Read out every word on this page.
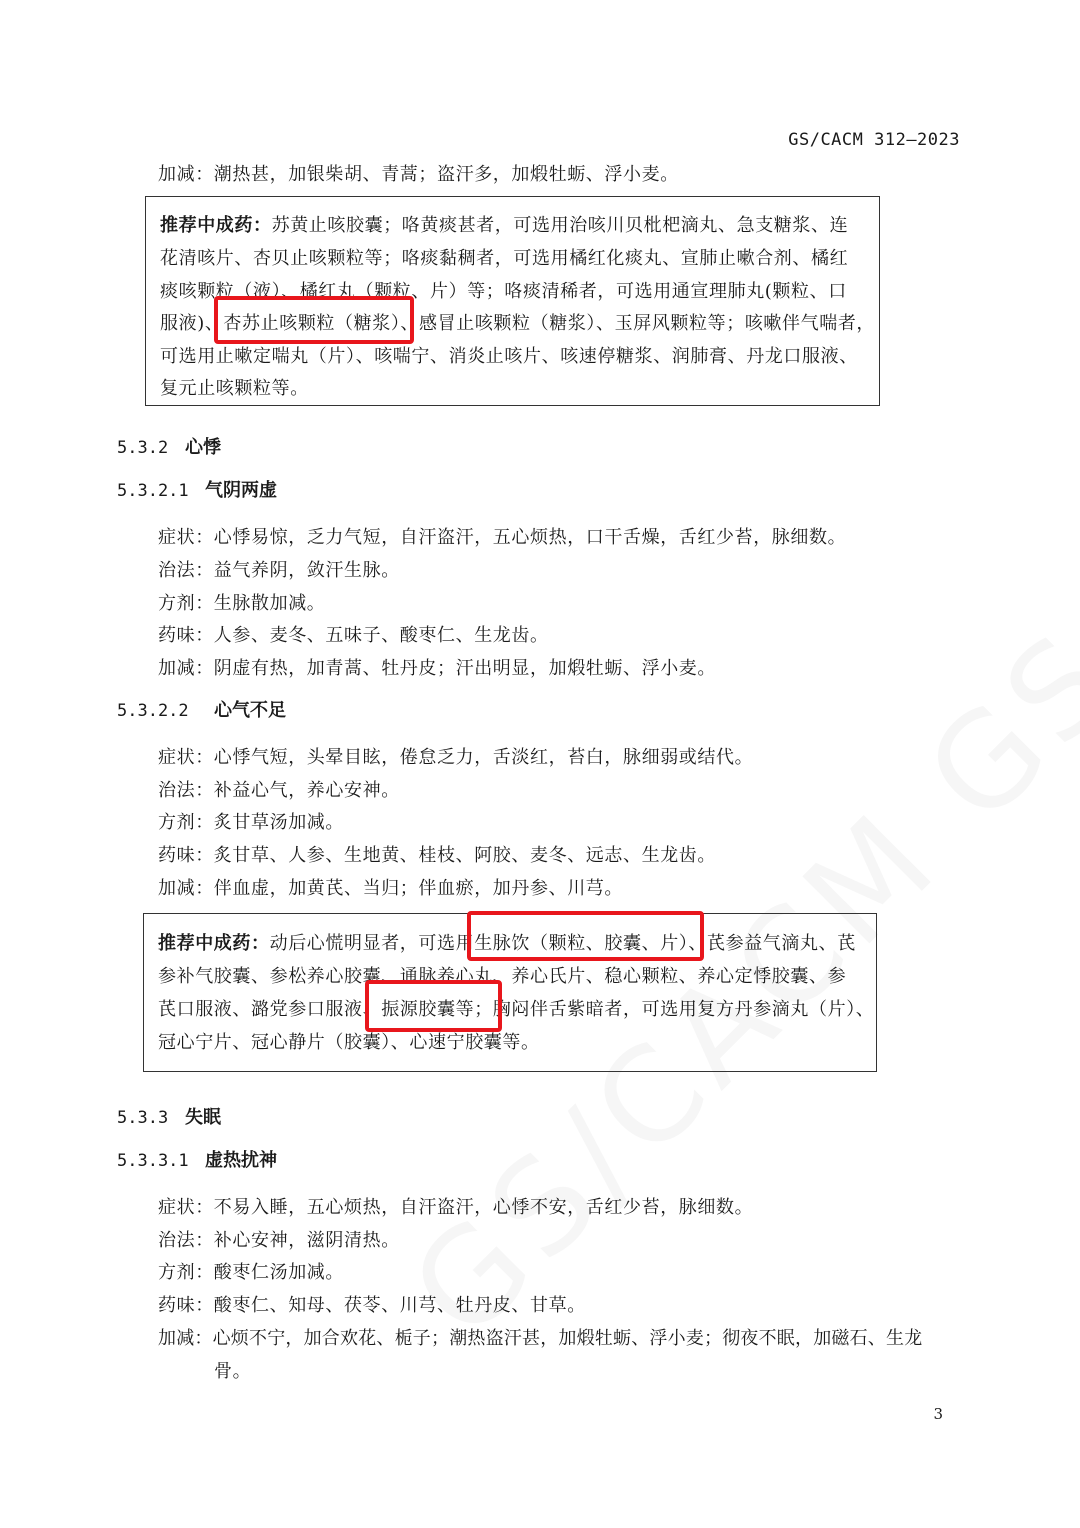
GS/CACM 312—2023
加减：潮热甚，加银柴胡、青蒿；盗汗多，加煅牡蛎、浮小麦。
推荐中成药：苏黄止咳胶囊；咯黄痰甚者，可选用治咳川贝枇杷滴丸、急支糖浆、连
花清咳片、杏贝止咳颗粒等；咯痰黏稠者，可选用橘红化痰丸、宣肺止嗽合剂、橘红
痰咳颗粒（液）、橘红丸（颗粒、片）等；咯痰清稀者，可选用通宣理肺丸(颗粒、口
服液)、杏苏止咳颗粒（糖浆）、感冒止咳颗粒（糖浆）、玉屏风颗粒等；咳嗽伴气喘者，
可选用止嗽定喘丸（片）、咳喘宁、消炎止咳片、咳速停糖浆、润肺膏、丹龙口服液、
复元止咳颗粒等。
5.3.2 心悸
5.3.2.1 气阴两虚
症状：心悸易惊，乏力气短，自汗盗汗，五心烦热，口干舌燥，舌红少苔，脉细数。
治法：益气养阴，敛汗生脉。
方剂：生脉散加减。
药味：人参、麦冬、五味子、酸枣仁、生龙齿。
加减：阴虚有热，加青蒿、牡丹皮；汗出明显，加煅牡蛎、浮小麦。
5.3.2.2 心气不足
症状：心悸气短，头晕目眩，倦怠乏力，舌淡红，苔白，脉细弱或结代。
治法：补益心气，养心安神。
方剂：炙甘草汤加减。
药味：炙甘草、人参、生地黄、桂枝、阿胶、麦冬、远志、生龙齿。
加减：伴血虚，加黄芪、当归；伴血瘀，加丹参、川芎。
推荐中成药：动后心慌明显者，可选用生脉饮（颗粒、胶囊、片）、芪参益气滴丸、芪
参补气胶囊、参松养心胶囊、通脉养心丸、养心氏片、稳心颗粒、养心定悸胶囊、参
芪口服液、潞党参口服液、振源胶囊等；胸闷伴舌紫暗者，可选用复方丹参滴丸（片）、
冠心宁片、冠心静片（胶囊）、心速宁胶囊等。
5.3.3 失眠
5.3.3.1 虚热扰神
症状：不易入睡，五心烦热，自汗盗汗，心悸不安，舌红少苔，脉细数。
治法：补心安神，滋阴清热。
方剂：酸枣仁汤加减。
药味：酸枣仁、知母、茯苓、川芎、牡丹皮、甘草。
加减：心烦不宁，加合欢花、栀子；潮热盗汗甚，加煅牡蛎、浮小麦；彻夜不眠，加磁石、生龙
骨。
3
